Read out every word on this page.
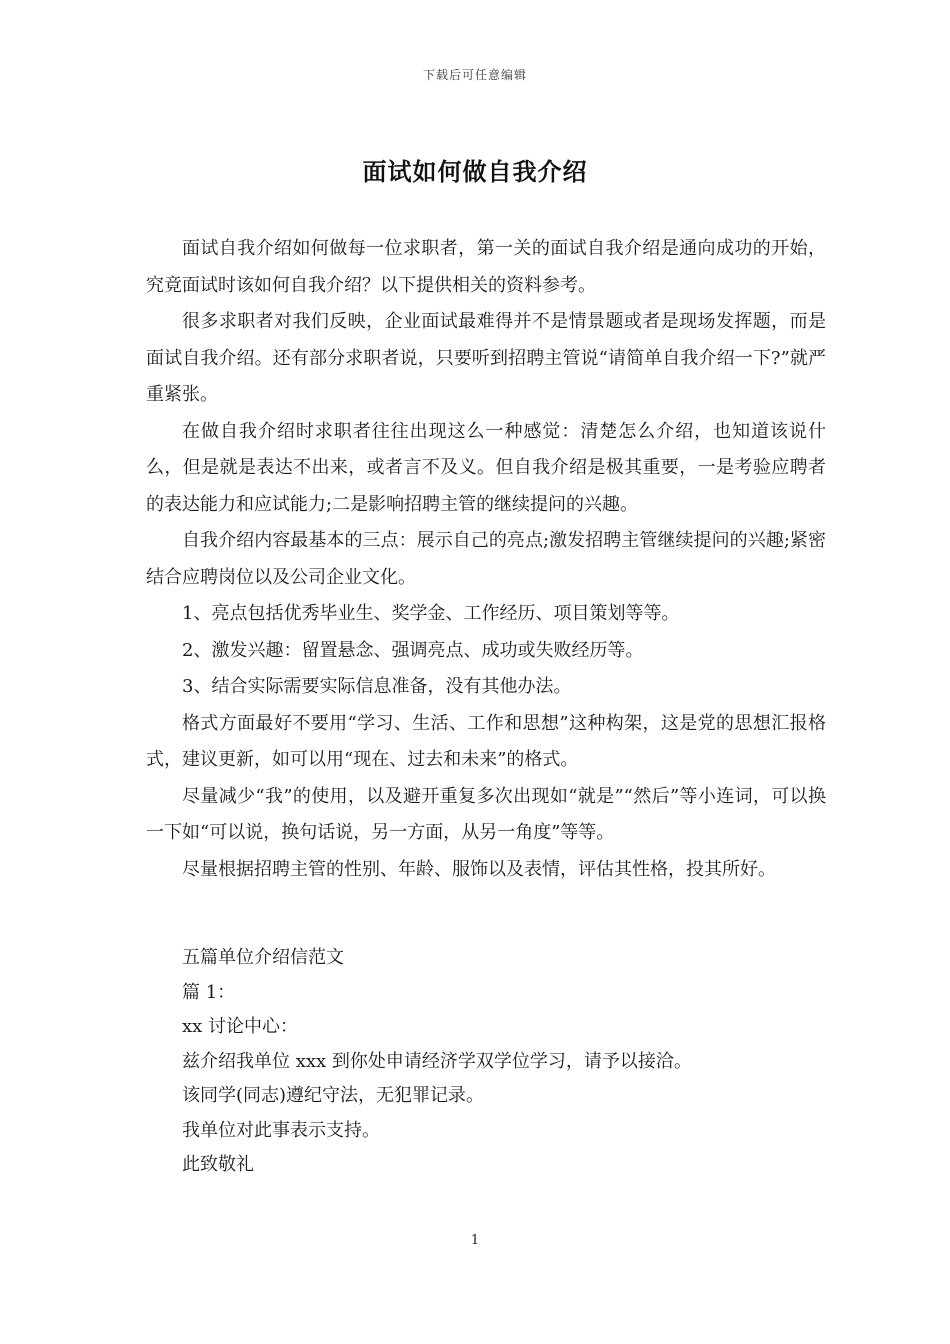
下载后可任意编辑
面试如何做自我介绍

面试自我介绍如何做每一位求职者，第一关的面试自我介绍是通向成功的开始，究竟面试时该如何自我介绍？以下提供相关的资料参考。

很多求职者对我们反映，企业面试最难得并不是情景题或者是现场发挥题，而是面试自我介绍。还有部分求职者说，只要听到招聘主管说“请简单自我介绍一下?”就严重紧张。

在做自我介绍时求职者往往出现这么一种感觉：清楚怎么介绍，也知道该说什么，但是就是表达不出来，或者言不及义。但自我介绍是极其重要，一是考验应聘者的表达能力和应试能力;二是影响招聘主管的继续提问的兴趣。

自我介绍内容最基本的三点：展示自己的亮点;激发招聘主管继续提问的兴趣;紧密结合应聘岗位以及公司企业文化。

1、亮点包括优秀毕业生、奖学金、工作经历、项目策划等等。

2、激发兴趣：留置悬念、强调亮点、成功或失败经历等。

3、结合实际需要实际信息准备，没有其他办法。

格式方面最好不要用“学习、生活、工作和思想”这种构架，这是党的思想汇报格式，建议更新，如可以用“现在、过去和未来”的格式。

尽量减少“我”的使用，以及避开重复多次出现如“就是”“然后”等小连词，可以换一下如“可以说，换句话说，另一方面，从另一角度”等等。

尽量根据招聘主管的性别、年龄、服饰以及表情，评估其性格，投其所好。

五篇单位介绍信范文

篇 1：

xx 讨论中心：

兹介绍我单位 xxx 到你处申请经济学双学位学习，请予以接洽。

该同学(同志)遵纪守法，无犯罪记录。

我单位对此事表示支持。

此致敬礼

1
